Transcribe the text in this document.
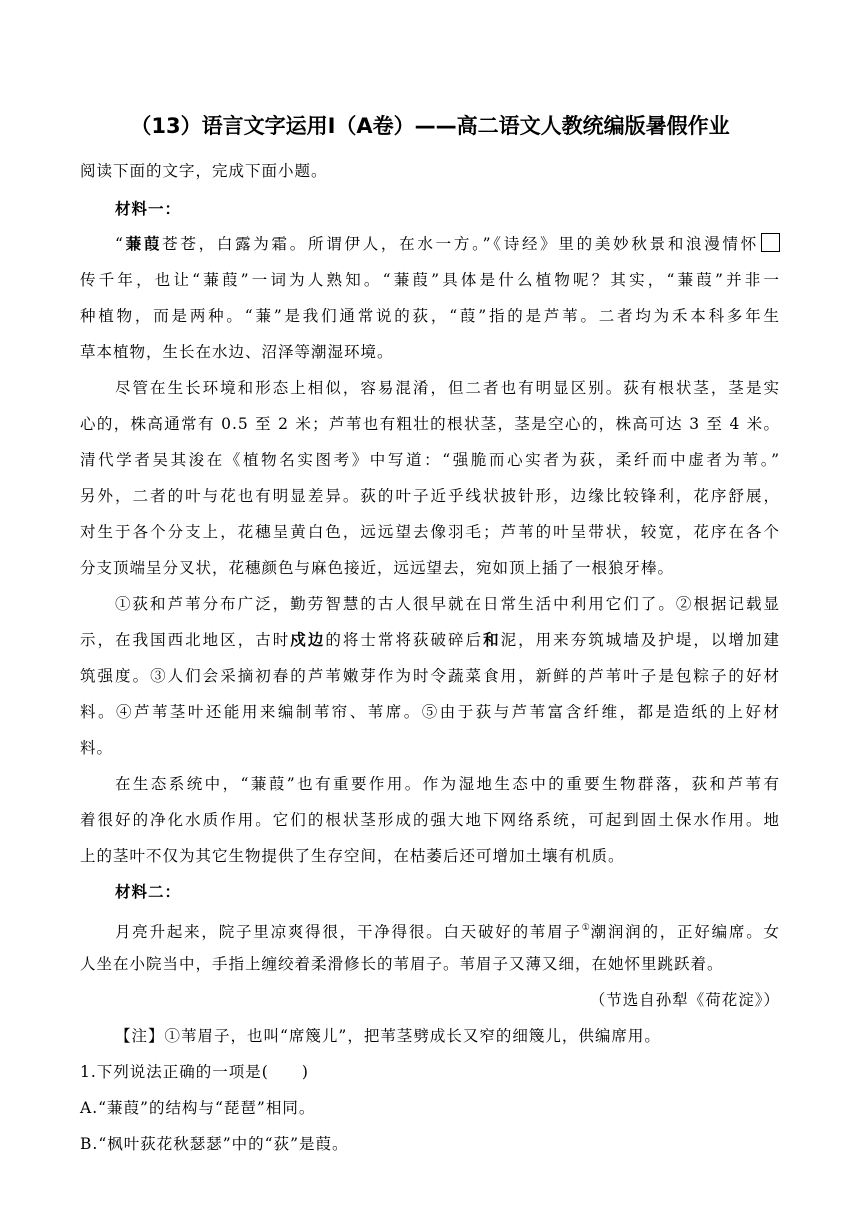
（13）语言文字运用Ⅰ（A卷）——高二语文人教统编版暑假作业
阅读下面的文字，完成下面小题。
材料一：
“蒹葭苍苍，白露为霜。所谓伊人，在水一方。”《诗经》里的美妙秋景和浪漫情怀
传千年，也让“蒹葭”一词为人熟知。“蒹葭”具体是什么植物呢？其实，“蒹葭”并非一
种植物，而是两种。“蒹”是我们通常说的荻，“葭”指的是芦苇。二者均为禾本科多年生
草本植物，生长在水边、沼泽等潮湿环境。
尽管在生长环境和形态上相似，容易混淆，但二者也有明显区别。荻有根状茎，茎是实
心的，株高通常有 0.5 至 2 米；芦苇也有粗壮的根状茎，茎是空心的，株高可达 3 至 4 米。
清代学者吴其浚在《植物名实图考》中写道：“强脆而心实者为荻，柔纤而中虚者为苇。”
另外，二者的叶与花也有明显差异。荻的叶子近乎线状披针形，边缘比较锋利，花序舒展，
对生于各个分支上，花穗呈黄白色，远远望去像羽毛；芦苇的叶呈带状，较宽，花序在各个
分支顶端呈分叉状，花穗颜色与麻色接近，远远望去，宛如顶上插了一根狼牙棒。
①荻和芦苇分布广泛，勤劳智慧的古人很早就在日常生活中利用它们了。②根据记载显
示，在我国西北地区，古时戍边的将士常将荻破碎后和泥，用来夯筑城墙及护堤，以增加建
筑强度。③人们会采摘初春的芦苇嫩芽作为时令蔬菜食用，新鲜的芦苇叶子是包粽子的好材
料。④芦苇茎叶还能用来编制苇帘、苇席。⑤由于荻与芦苇富含纤维，都是造纸的上好材
料。
在生态系统中，“蒹葭”也有重要作用。作为湿地生态中的重要生物群落，荻和芦苇有
着很好的净化水质作用。它们的根状茎形成的强大地下网络系统，可起到固土保水作用。地
上的茎叶不仅为其它生物提供了生存空间，在枯萎后还可增加土壤有机质。
材料二：
月亮升起来，院子里凉爽得很，干净得很。白天破好的苇眉子①潮润润的，正好编席。女
人坐在小院当中，手指上缠绞着柔滑修长的苇眉子。苇眉子又薄又细，在她怀里跳跃着。
（节选自孙犁《荷花淀》）
【注】①苇眉子，也叫“席篾儿”，把苇茎劈成长又窄的细篾儿，供编席用。
1.下列说法正确的一项是(　　)
A.“蒹葭”的结构与“琵琶”相同。
B.“枫叶荻花秋瑟瑟”中的“荻”是葭。
